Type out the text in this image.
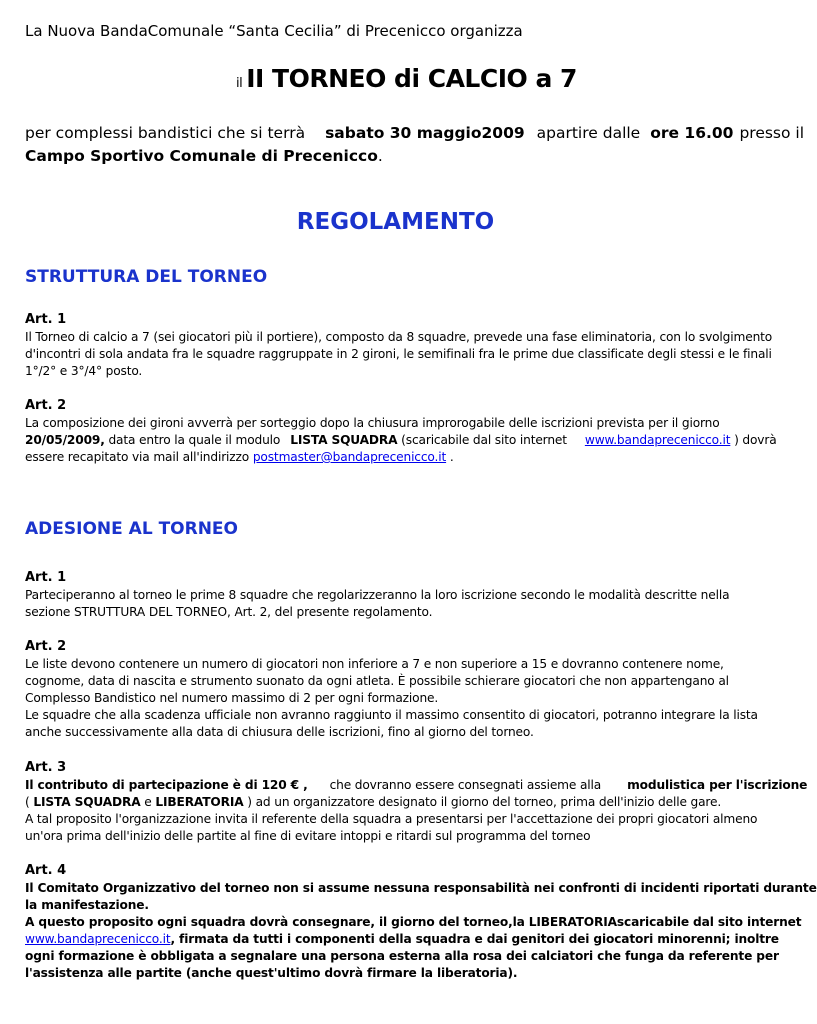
La Nuova BandaComunale “Santa Cecilia” di Precenicco organizza
il II TORNEO di CALCIO a 7
per complessi bandistici che si terrà sabato 30 maggio2009 apartire dalle ore 16.00 presso il
Campo Sportivo Comunale di Precenicco.
REGOLAMENTO
STRUTTURA DEL TORNEO
Art. 1
Il Torneo di calcio a 7 (sei giocatori più il portiere), composto da 8 squadre, prevede una fase eliminatoria, con lo svolgimento
d'incontri di sola andata fra le squadre raggruppate in 2 gironi, le semifinali fra le prime due classificate degli stessi e le finali
1°/2° e 3°/4° posto.
Art. 2
La composizione dei gironi avverrà per sorteggio dopo la chiusura improrogabile delle iscrizioni prevista per il giorno
20/05/2009, data entro la quale il modulo LISTA SQUADRA (scaricabile dal sito internet www.bandaprecenicco.it ) dovrà
essere recapitato via mail all'indirizzo postmaster@bandaprecenicco.it .
ADESIONE AL TORNEO
Art. 1
Parteciperanno al torneo le prime 8 squadre che regolarizzeranno la loro iscrizione secondo le modalità descritte nella
sezione STRUTTURA DEL TORNEO, Art. 2, del presente regolamento.
Art. 2
Le liste devono contenere un numero di giocatori non inferiore a 7 e non superiore a 15 e dovranno contenere nome,
cognome, data di nascita e strumento suonato da ogni atleta. È possibile schierare giocatori che non appartengano al
Complesso Bandistico nel numero massimo di 2 per ogni formazione.
Le squadre che alla scadenza ufficiale non avranno raggiunto il massimo consentito di giocatori, potranno integrare la lista
anche successivamente alla data di chiusura delle iscrizioni, fino al giorno del torneo.
Art. 3
Il contributo di partecipazione è di 120 € , che dovranno essere consegnati assieme alla modulistica per l'iscrizione
( LISTA SQUADRA e LIBERATORIA ) ad un organizzatore designato il giorno del torneo, prima dell'inizio delle gare.
A tal proposito l'organizzazione invita il referente della squadra a presentarsi per l'accettazione dei propri giocatori almeno
un'ora prima dell'inizio delle partite al fine di evitare intoppi e ritardi sul programma del torneo
Art. 4
Il Comitato Organizzativo del torneo non si assume nessuna responsabilità nei confronti di incidenti riportati durante
la manifestazione.
A questo proposito ogni squadra dovrà consegnare, il giorno del torneo,la LIBERATORIAscaricabile dal sito internet
www.bandaprecenicco.it, firmata da tutti i componenti della squadra e dai genitori dei giocatori minorenni; inoltre
ogni formazione è obbligata a segnalare una persona esterna alla rosa dei calciatori che funga da referente per
l'assistenza alle partite (anche quest'ultimo dovrà firmare la liberatoria).
